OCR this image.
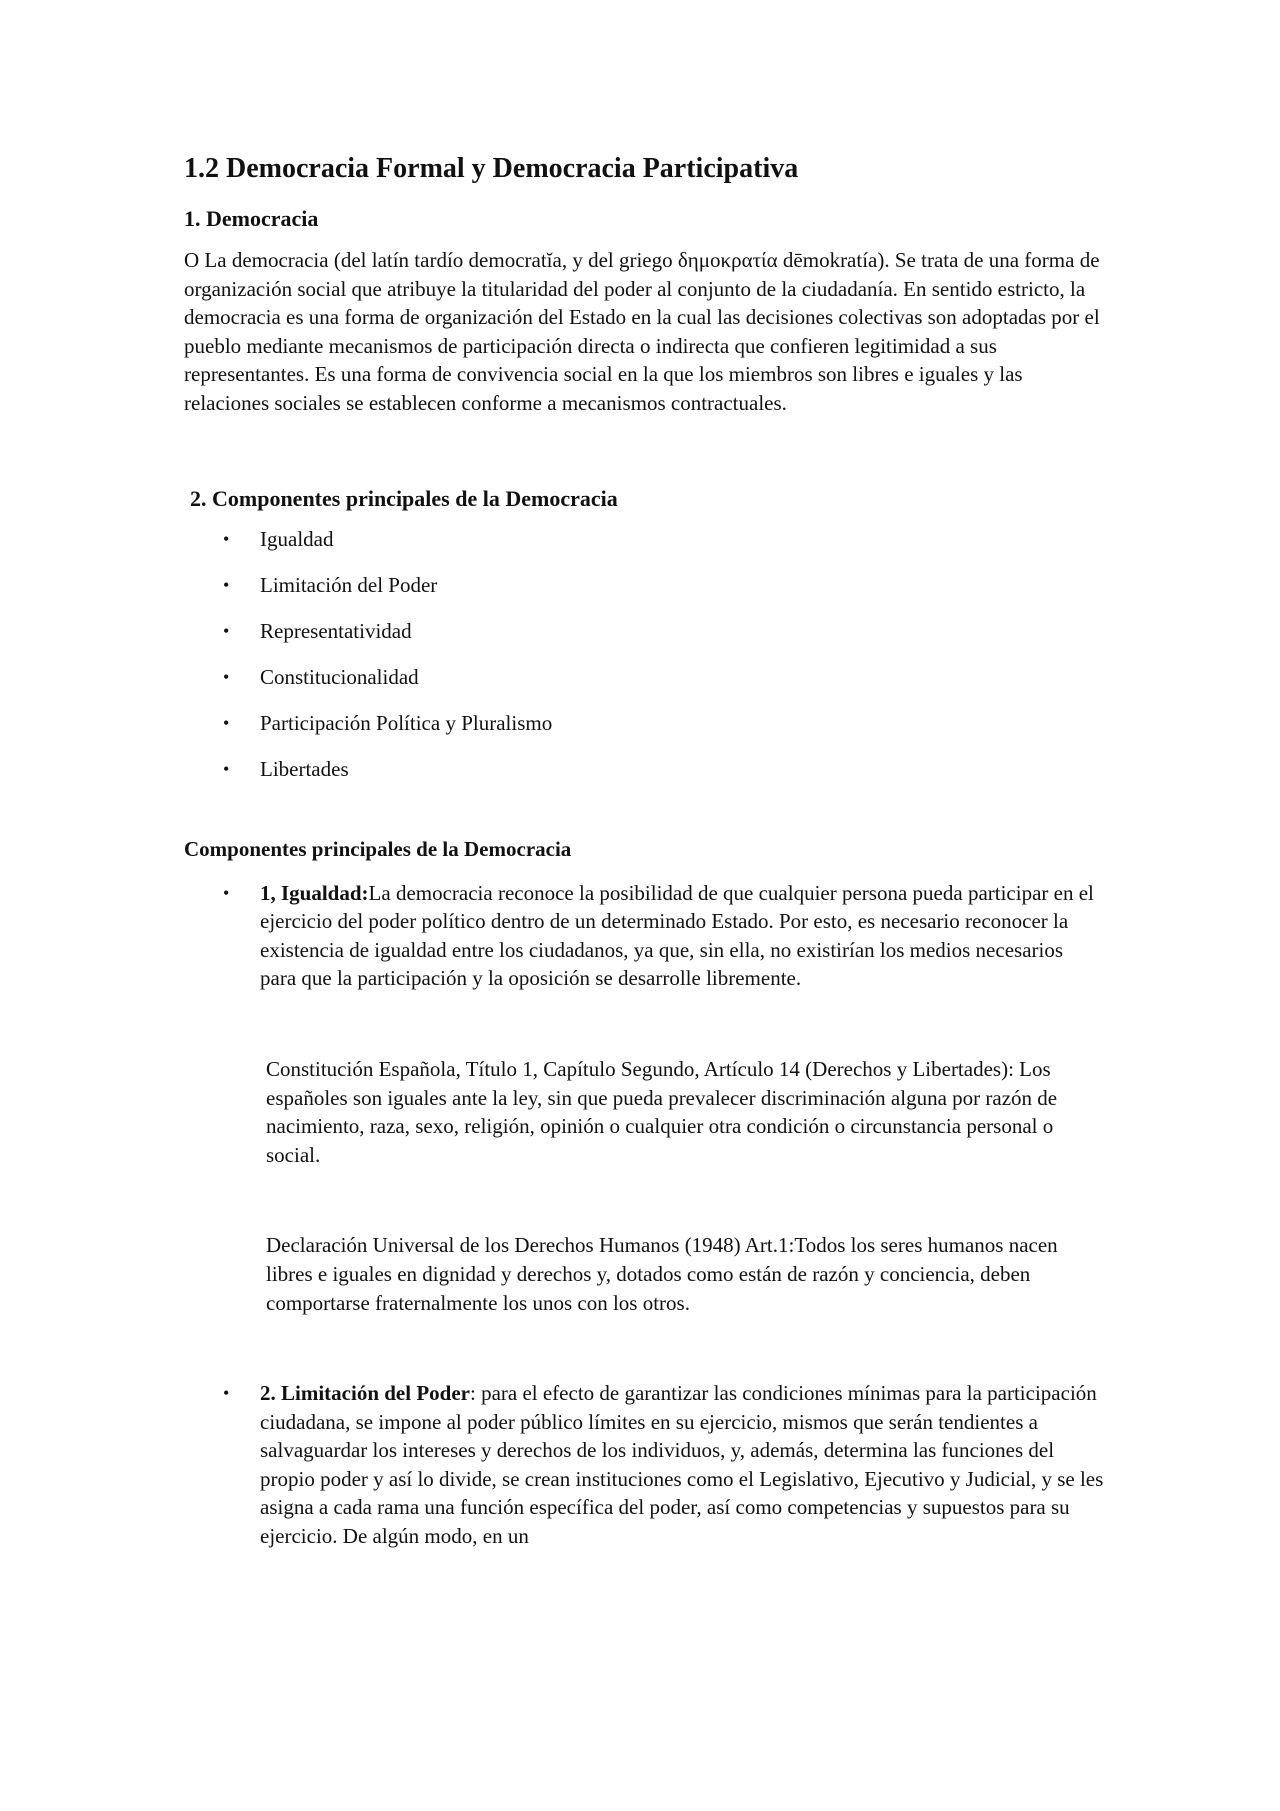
1.2 Democracia Formal y Democracia Participativa
1. Democracia

O La democracia (del latín tardío democratĭa, y del griego δημοκρατία dēmokratía). Se trata de una forma de organización social que atribuye la titularidad del poder al conjunto de la ciudadanía. En sentido estricto, la democracia es una forma de organización del Estado en la cual las decisiones colectivas son adoptadas por el pueblo mediante mecanismos de participación directa o indirecta que confieren legitimidad a sus representantes. Es una forma de convivencia social en la que los miembros son libres e iguales y las relaciones sociales se establecen conforme a mecanismos contractuales.

2. Componentes principales de la Democracia
• Igualdad
• Limitación del Poder
• Representatividad
• Constitucionalidad
• Participación Política y Pluralismo
• Libertades
Componentes principales de la Democracia
• 1, Igualdad:La democracia reconoce la posibilidad de que cualquier persona pueda participar en el ejercicio del poder político dentro de un determinado Estado. Por esto, es necesario reconocer la existencia de igualdad entre los ciudadanos, ya que, sin ella, no existirían los medios necesarios para que la participación y la oposición se desarrolle libremente.

Constitución Española, Título 1, Capítulo Segundo, Artículo 14 (Derechos y Libertades): Los españoles son iguales ante la ley, sin que pueda prevalecer discriminación alguna por razón de nacimiento, raza, sexo, religión, opinión o cualquier otra condición o circunstancia personal o social.

Declaración Universal de los Derechos Humanos (1948) Art.1:Todos los seres humanos nacen libres e iguales en dignidad y derechos y, dotados como están de razón y conciencia, deben comportarse fraternalmente los unos con los otros.

• 2. Limitación del Poder: para el efecto de garantizar las condiciones mínimas para la participación ciudadana, se impone al poder público límites en su ejercicio, mismos que serán tendientes a salvaguardar los intereses y derechos de los individuos, y, además, determina las funciones del propio poder y así lo divide, se crean instituciones como el Legislativo, Ejecutivo y Judicial, y se les asigna a cada rama una función específica del poder, así como competencias y supuestos para su ejercicio. De algún modo, en un
